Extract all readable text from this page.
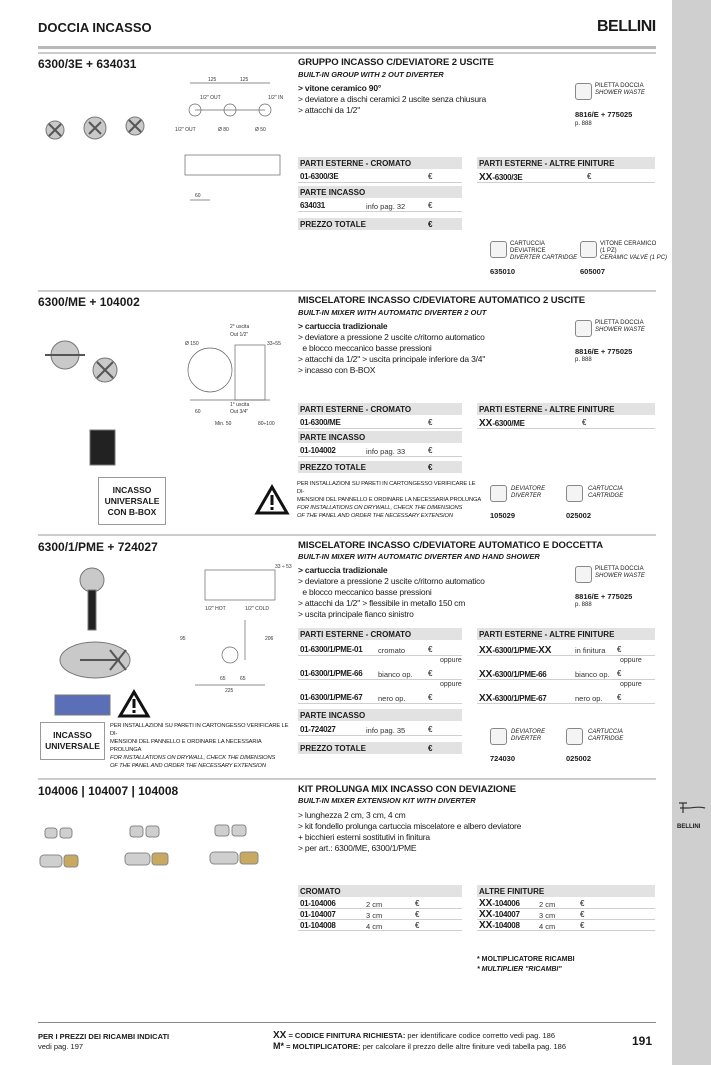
BELLINI
DOCCIA INCASSO	BELLINI
6300/3E + 634031
125	125
1/2" OUT
1/2" OUT	Ø 80	Ø 50
1/2" IN
60
GRUPPO INCASSO C/DEVIATORE 2 USCITE
BUILT-IN GROUP WITH 2 OUT DIVERTER
> vitone ceramico 90°
> deviatore a dischi ceramici 2 uscite senza chiusura
> attacchi da 1/2"
PILETTA DOCCIA
SHOWER WASTE
8816/E + 775025
p. 888
PARTI ESTERNE - CROMATO
01-6300/3E	€
PARTE INCASSO
634031	info pag. 32	€
PREZZO TOTALE	€
PARTI ESTERNE - ALTRE FINITURE
XX-6300/3E	€
CARTUCCIA
DEVIATRICE
DIVERTER CARTRIDGE
635010
VITONE CERAMICO
(1 PZ)
CERAMIC VALVE (1 PC)
605007
6300/ME + 104002
2° uscita
Out 1/2"
Ø 150	33÷55
1° uscita
Out 3/4"
60
Min. 50	80÷100
INCASSO
UNIVERSALE
CON B-BOX
MISCELATORE INCASSO C/DEVIATORE AUTOMATICO 2 USCITE
BUILT-IN MIXER WITH AUTOMATIC DIVERTER 2 OUT
> cartuccia tradizionale
> deviatore a pressione 2 uscite c/ritorno automatico
e blocco meccanico basse pressioni
> attacchi da 1/2" > uscita principale inferiore da 3/4"
> incasso con B-BOX
PILETTA DOCCIA
SHOWER WASTE
8816/E + 775025
p. 888
PARTI ESTERNE - CROMATO
01-6300/ME	€
PARTE INCASSO
01-104002	info pag. 33	€
PREZZO TOTALE	€
PARTI ESTERNE - ALTRE FINITURE
XX-6300/ME	€
PER INSTALLAZIONI SU PARETI IN CARTONGESSO VERIFICARE LE DI-
MENSIONI DEL PANNELLO E ORDINARE LA NECESSARIA PROLUNGA
FOR INSTALLATIONS ON DRYWALL, CHECK THE DIMENSIONS
OF THE PANEL AND ORDER THE NECESSARY EXTENSION
DEVIATORE
DIVERTER
105029
CARTUCCIA
CARTRIDGE
025002
6300/1/PME + 724027
225
206
95
65	65
1/2" HOT	1/2" COLD
33 ÷ 53
INCASSO
UNIVERSALE
PER INSTALLAZIONI SU PARETI IN CARTONGESSO VERIFICARE LE DI-
MENSIONI DEL PANNELLO E ORDINARE LA NECESSARIA PROLUNGA
FOR INSTALLATIONS ON DRYWALL, CHECK THE DIMENSIONS
OF THE PANEL AND ORDER THE NECESSARY EXTENSION
MISCELATORE INCASSO C/DEVIATORE AUTOMATICO E DOCCETTA
BUILT-IN MIXER WITH AUTOMATIC DIVERTER AND HAND SHOWER
> cartuccia tradizionale
> deviatore a pressione 2 uscite c/ritorno automatico
e blocco meccanico basse pressioni
> attacchi da 1/2" > flessibile in metallo 150 cm
> uscita principale fianco sinistro
PILETTA DOCCIA
SHOWER WASTE
8816/E + 775025
p. 888
PARTI ESTERNE - CROMATO
01-6300/1/PME-01 cromato	€
oppure
01-6300/1/PME-66 bianco op. €
oppure
01-6300/1/PME-67 nero op.	€
PARTE INCASSO
01-724027	info pag. 35	€
PREZZO TOTALE	€
PARTI ESTERNE - ALTRE FINITURE
XX-6300/1/PME-XX	in finitura €
oppure
XX-6300/1/PME-66	bianco op. €
oppure
XX-6300/1/PME-67	nero op. €
DEVIATORE
DIVERTER
724030
CARTUCCIA
CARTRIDGE
025002
104006 | 104007 | 104008	KIT PROLUNGA MIX INCASSO CON DEVIAZIONE
BUILT-IN MIXER EXTENSION KIT WITH DIVERTER
> lunghezza 2 cm, 3 cm, 4 cm
> kit fondello prolunga cartuccia miscelatore e albero deviatore
+ bicchieri esterni sostitutivi in finitura
> per art.: 6300/ME, 6300/1/PME
CROMATO
01-104006	2 cm	€
01-104007	3 cm	€
01-104008	4 cm	€
ALTRE FINITURE
XX-104006	2 cm	€
XX-104007	3 cm	€
XX-104008	4 cm	€
* MOLTIPLICATORE RICAMBI
* MULTIPLIER "RICAMBI"
PER I PREZZI DEI RICAMBI INDICATI
vedi pag. 197
XX = CODICE FINITURA RICHIESTA: per identificare codice corretto vedi pag. 186
M* = MOLTIPLICATORE: per calcolare il prezzo delle altre finiture vedi tabella pag. 186	191
